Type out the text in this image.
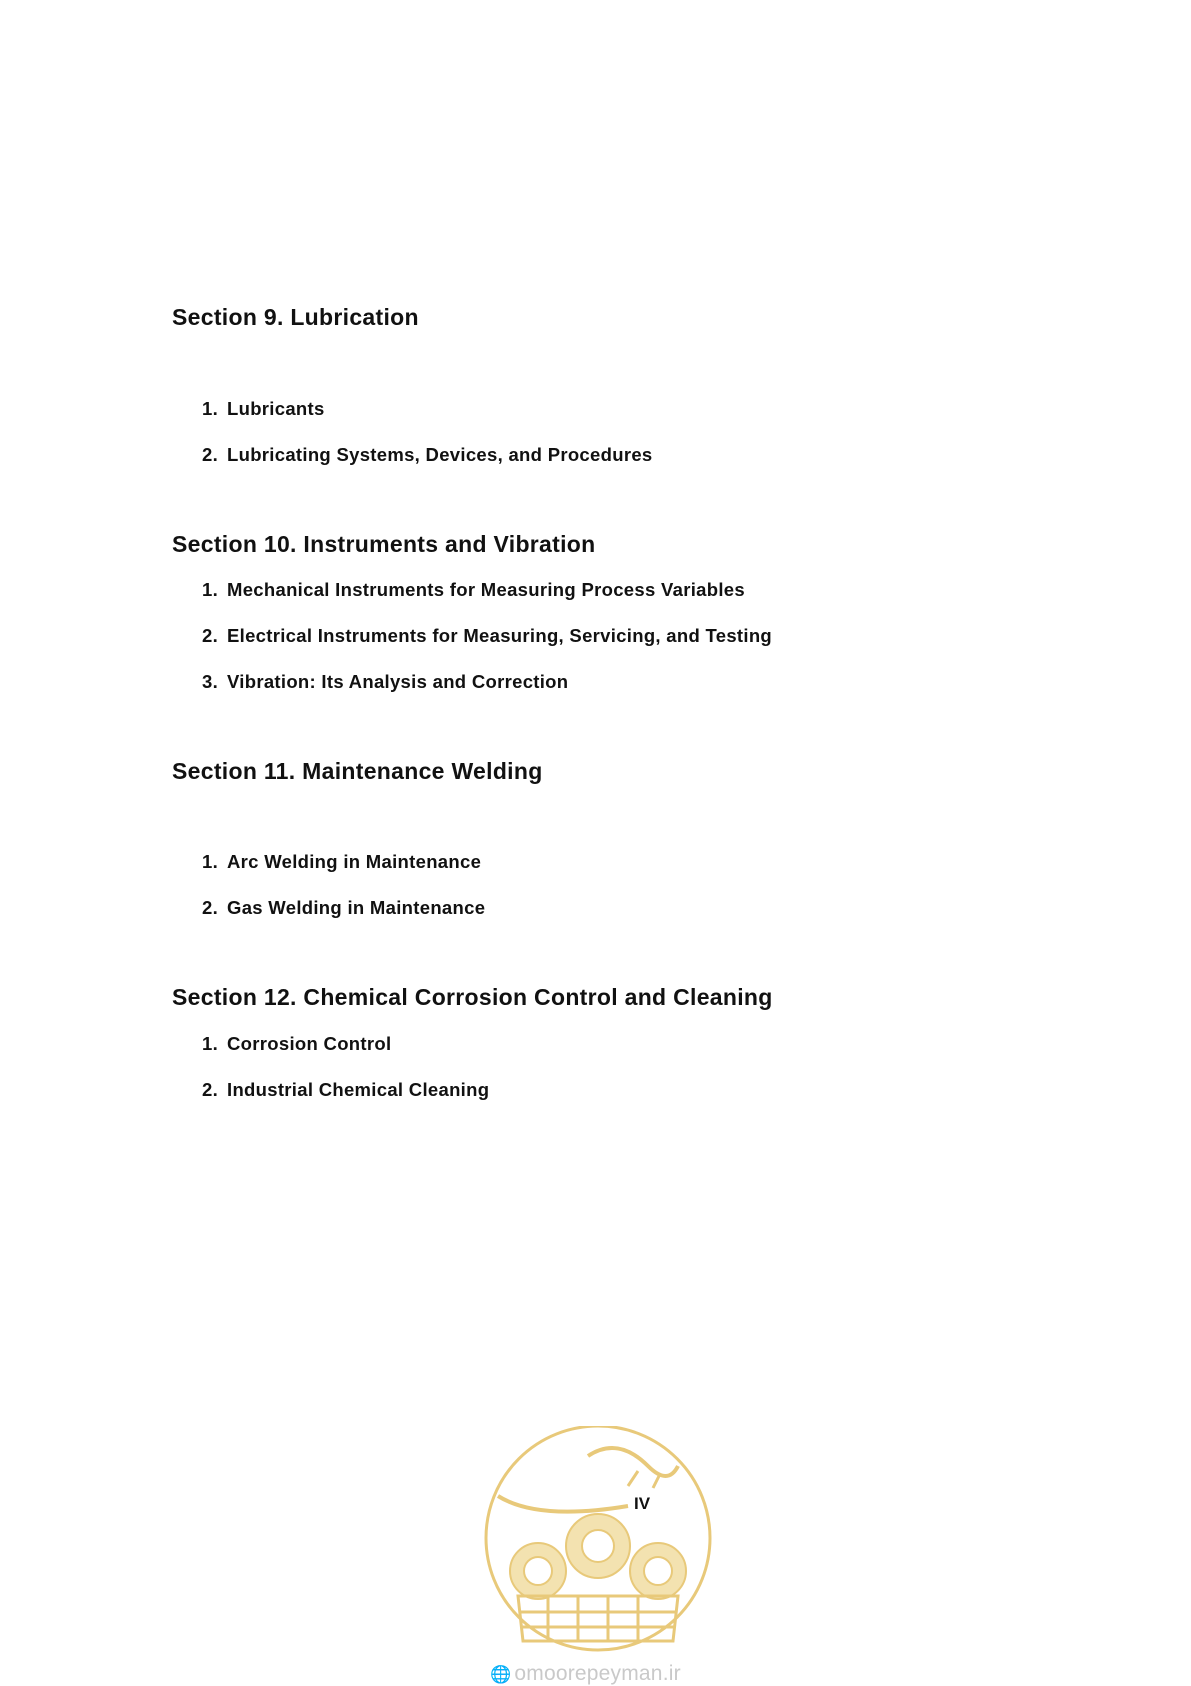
Section 9. Lubrication

1. Lubricants

2. Lubricating Systems, Devices, and Procedures

Section 10. Instruments and Vibration

1. Mechanical Instruments for Measuring Process Variables

2. Electrical Instruments for Measuring, Servicing, and Testing

3. Vibration: Its Analysis and Correction

Section 11. Maintenance Welding

1. Arc Welding in Maintenance

2. Gas Welding in Maintenance

Section 12. Chemical Corrosion Control and Cleaning

1. Corrosion Control

2. Industrial Chemical Cleaning

IV
🌐 omoorepeyman.ir
